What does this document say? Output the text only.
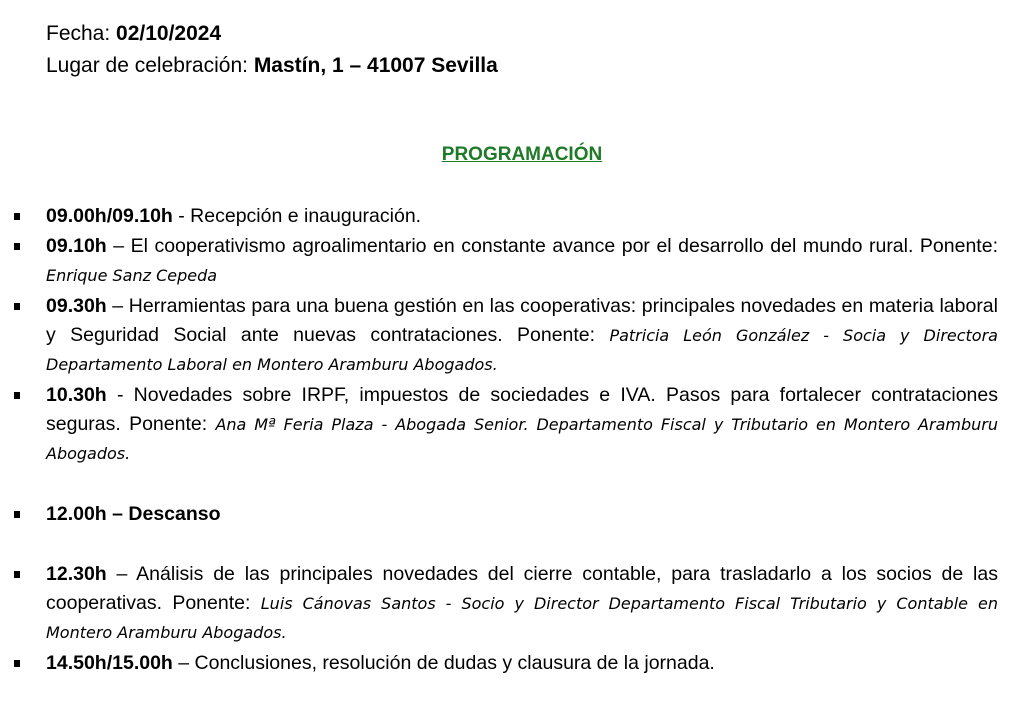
Fecha: 02/10/2024
Lugar de celebración: Mastín, 1 – 41007 Sevilla
PROGRAMACIÓN
09.00h/09.10h - Recepción e inauguración.
09.10h – El cooperativismo agroalimentario en constante avance por el desarrollo del mundo rural. Ponente: Enrique Sanz Cepeda
09.30h – Herramientas para una buena gestión en las cooperativas: principales novedades en materia laboral y Seguridad Social ante nuevas contrataciones. Ponente: Patricia León González - Socia y Directora Departamento Laboral en Montero Aramburu Abogados.
10.30h - Novedades sobre IRPF, impuestos de sociedades e IVA. Pasos para fortalecer contrataciones seguras. Ponente: Ana Mª Feria Plaza - Abogada Senior. Departamento Fiscal y Tributario en Montero Aramburu Abogados.
12.00h – Descanso
12.30h – Análisis de las principales novedades del cierre contable, para trasladarlo a los socios de las cooperativas. Ponente: Luis Cánovas Santos - Socio y Director Departamento Fiscal Tributario y Contable en Montero Aramburu Abogados.
14.50h/15.00h – Conclusiones, resolución de dudas y clausura de la jornada.
